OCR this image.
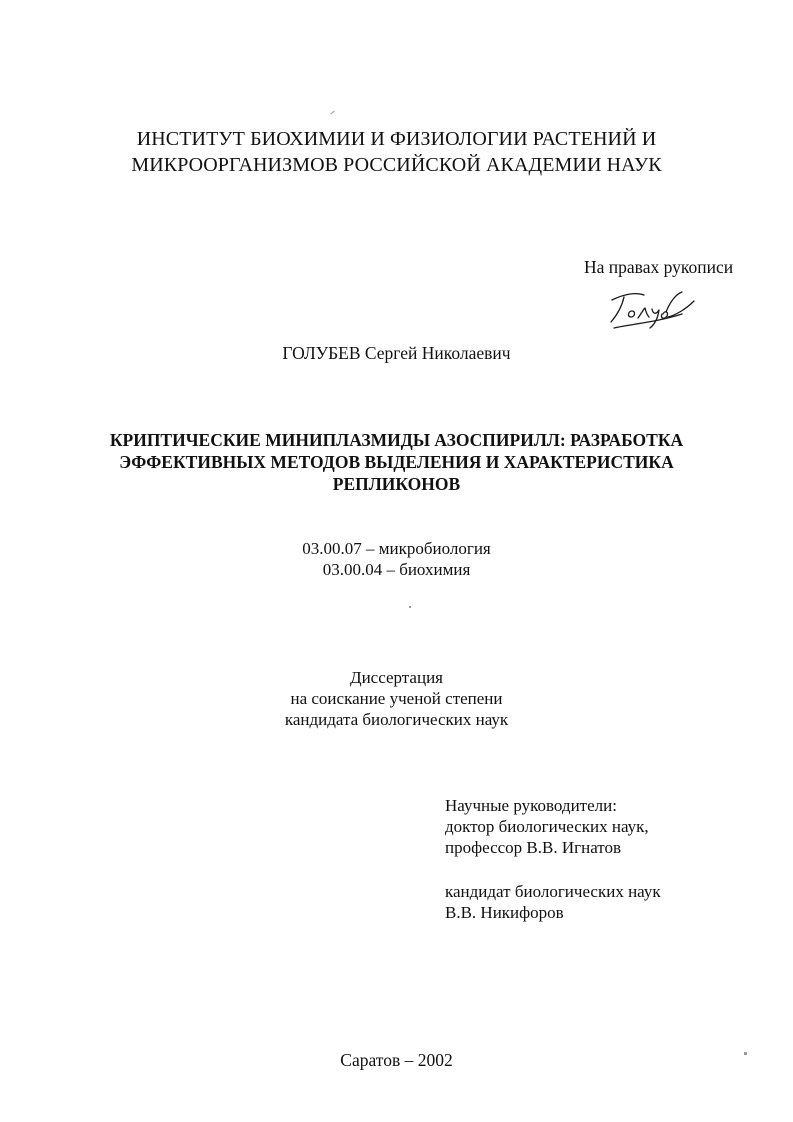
ИНСТИТУТ БИОХИМИИ И ФИЗИОЛОГИИ РАСТЕНИЙ И
МИКРООРГАНИЗМОВ РОССИЙСКОЙ АКАДЕМИИ НАУК
На правах рукописи
ГОЛУБЕВ Сергей Николаевич
КРИПТИЧЕСКИЕ МИНИПЛАЗМИДЫ АЗОСПИРИЛЛ: РАЗРАБОТКА
ЭФФЕКТИВНЫХ МЕТОДОВ ВЫДЕЛЕНИЯ И ХАРАКТЕРИСТИКА
РЕПЛИКОНОВ
03.00.07 – микробиология
03.00.04 – биохимия
Диссертация
на соискание ученой степени
кандидата биологических наук
Научные руководители:
доктор биологических наук,
профессор В.В. Игнатов
кандидат биологических наук
В.В. Никифоров
Саратов – 2002
